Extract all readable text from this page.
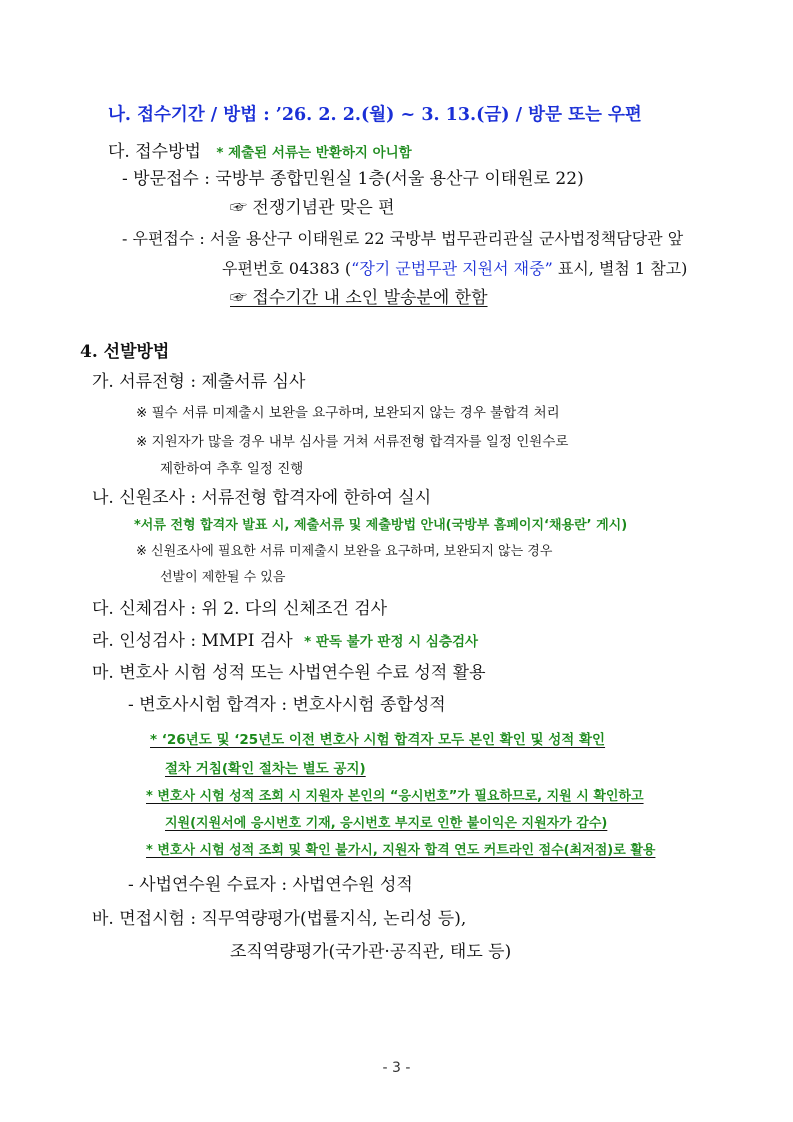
나. 접수기간 / 방법 : ’26. 2. 2.(월) ~ 3. 13.(금) / 방문 또는 우편
다. 접수방법 * 제출된 서류는 반환하지 아니함
- 방문접수 : 국방부 종합민원실 1층(서울 용산구 이태원로 22)
☞ 전쟁기념관 맞은 편
- 우편접수 : 서울 용산구 이태원로 22 국방부 법무관리관실 군사법정책담당관 앞
우편번호 04383 (“장기 군법무관 지원서 재중” 표시, 별첨 1 참고)
☞ 접수기간 내 소인 발송분에 한함
4. 선발방법
가. 서류전형 : 제출서류 심사
※ 필수 서류 미제출시 보완을 요구하며, 보완되지 않는 경우 불합격 처리
※ 지원자가 많을 경우 내부 심사를 거쳐 서류전형 합격자를 일정 인원수로
제한하여 추후 일정 진행
나. 신원조사 : 서류전형 합격자에 한하여 실시
*서류 전형 합격자 발표 시, 제출서류 및 제출방법 안내(국방부 홈페이지‘채용란’ 게시)
※ 신원조사에 필요한 서류 미제출시 보완을 요구하며, 보완되지 않는 경우
선발이 제한될 수 있음
다. 신체검사 : 위 2. 다의 신체조건 검사
라. 인성검사 : MMPI 검사 * 판독 불가 판정 시 심층검사
마. 변호사 시험 성적 또는 사법연수원 수료 성적 활용
- 변호사시험 합격자 : 변호사시험 종합성적
* ‘26년도 및 ‘25년도 이전 변호사 시험 합격자 모두 본인 확인 및 성적 확인
절차 거침(확인 절차는 별도 공지)
* 변호사 시험 성적 조회 시 지원자 본인의 “응시번호”가 필요하므로, 지원 시 확인하고
지원(지원서에 응시번호 기재, 응시번호 부지로 인한 불이익은 지원자가 감수)
* 변호사 시험 성적 조회 및 확인 불가시, 지원자 합격 연도 커트라인 점수(최저점)로 활용
- 사법연수원 수료자 : 사법연수원 성적
바. 면접시험 : 직무역량평가(법률지식, 논리성 등),
조직역량평가(국가관·공직관, 태도 등)
- 3 -
